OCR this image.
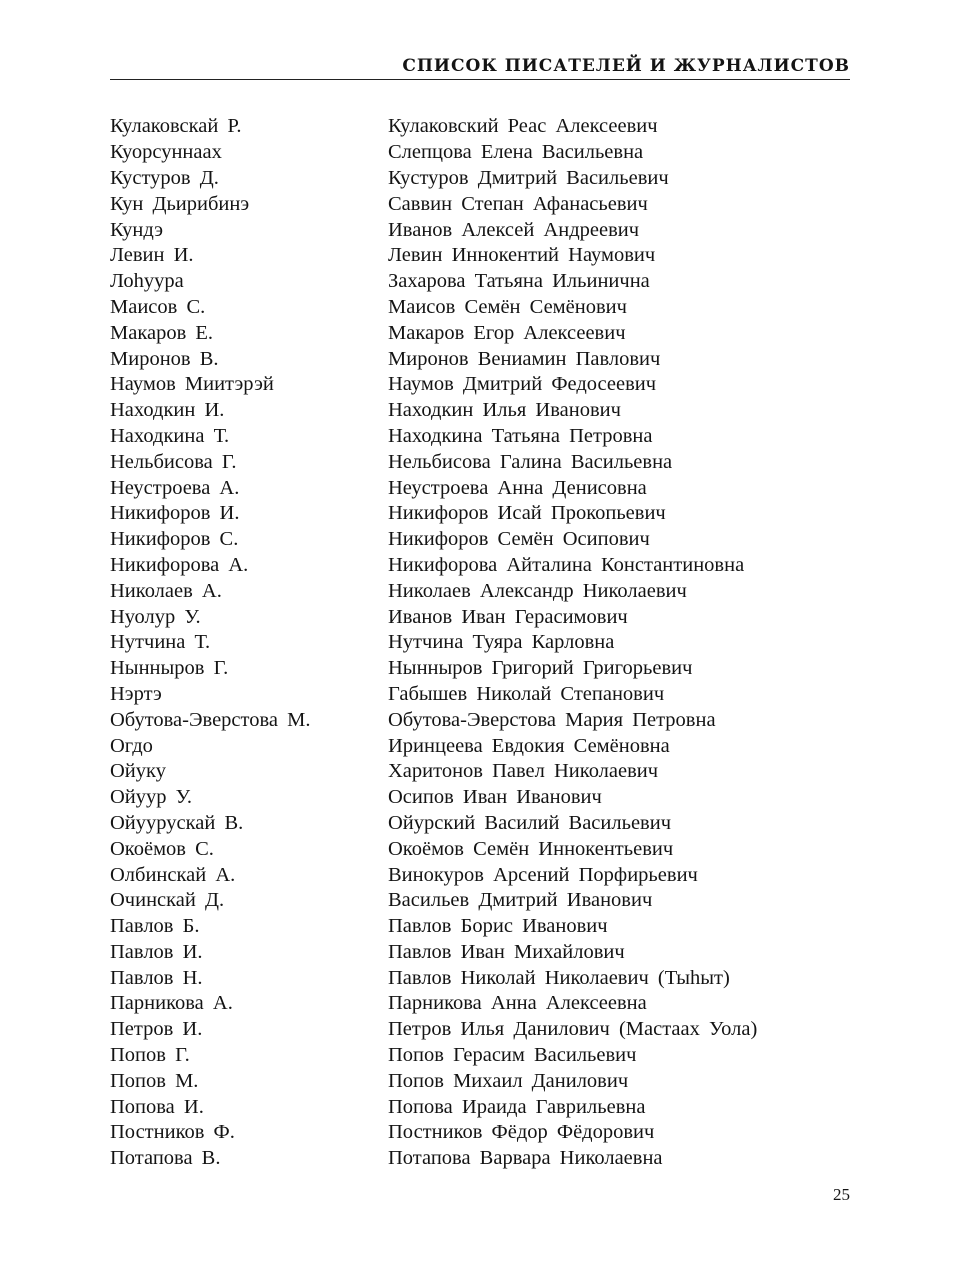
СПИСОК ПИСАТЕЛЕЙ И ЖУРНАЛИСТОВ
Кулаковскай Р.	Кулаковский Реас Алексеевич
Куорсуннаах	Слепцова Елена Васильевна
Кустуров Д.	Кустуров Дмитрий Васильевич
Кун Дьирибинэ	Саввин Степан Афанасьевич
Кундэ	Иванов Алексей Андреевич
Левин И.	Левин Иннокентий Наумович
Лоhуура	Захарова Татьяна Ильинична
Маисов С.	Маисов Семён Семёнович
Макаров Е.	Макаров Егор Алексеевич
Миронов В.	Миронов Вениамин Павлович
Наумов Миитэрэй	Наумов Дмитрий Федосеевич
Находкин И.	Находкин Илья Иванович
Находкина Т.	Находкина Татьяна Петровна
Нельбисова Г.	Нельбисова Галина Васильевна
Неустроева А.	Неустроева Анна Денисовна
Никифоров И.	Никифоров Исай Прокопьевич
Никифоров С.	Никифоров Семён Осипович
Никифорова А.	Никифорова Айталина Константиновна
Николаев А.	Николаев Александр Николаевич
Нуолур У.	Иванов Иван Герасимович
Нутчина Т.	Нутчина Туяра Карловна
Нынныров Г.	Нынныров Григорий Григорьевич
Нэртэ	Габышев Николай Степанович
Обутова-Эверстова М.	Обутова-Эверстова Мария Петровна
Огдо	Иринцеева Евдокия Семёновна
Ойуку	Харитонов Павел Николаевич
Ойуур У.	Осипов Иван Иванович
Ойуурускай В.	Ойурский Василий Васильевич
Окоёмов С.	Окоёмов Семён Иннокентьевич
Олбинскай А.	Винокуров Арсений Порфирьевич
Очинскай Д.	Васильев Дмитрий Иванович
Павлов Б.	Павлов Борис Иванович
Павлов И.	Павлов Иван Михайлович
Павлов Н.	Павлов Николай Николаевич (Тыhыт)
Парникова А.	Парникова Анна Алексеевна
Петров И.	Петров Илья Данилович (Мастаах Уола)
Попов Г.	Попов Герасим Васильевич
Попов М.	Попов Михаил Данилович
Попова И.	Попова Ираида Гаврильевна
Постников Ф.	Постников Фёдор Фёдорович
Потапова В.	Потапова Варвара Николаевна
25
